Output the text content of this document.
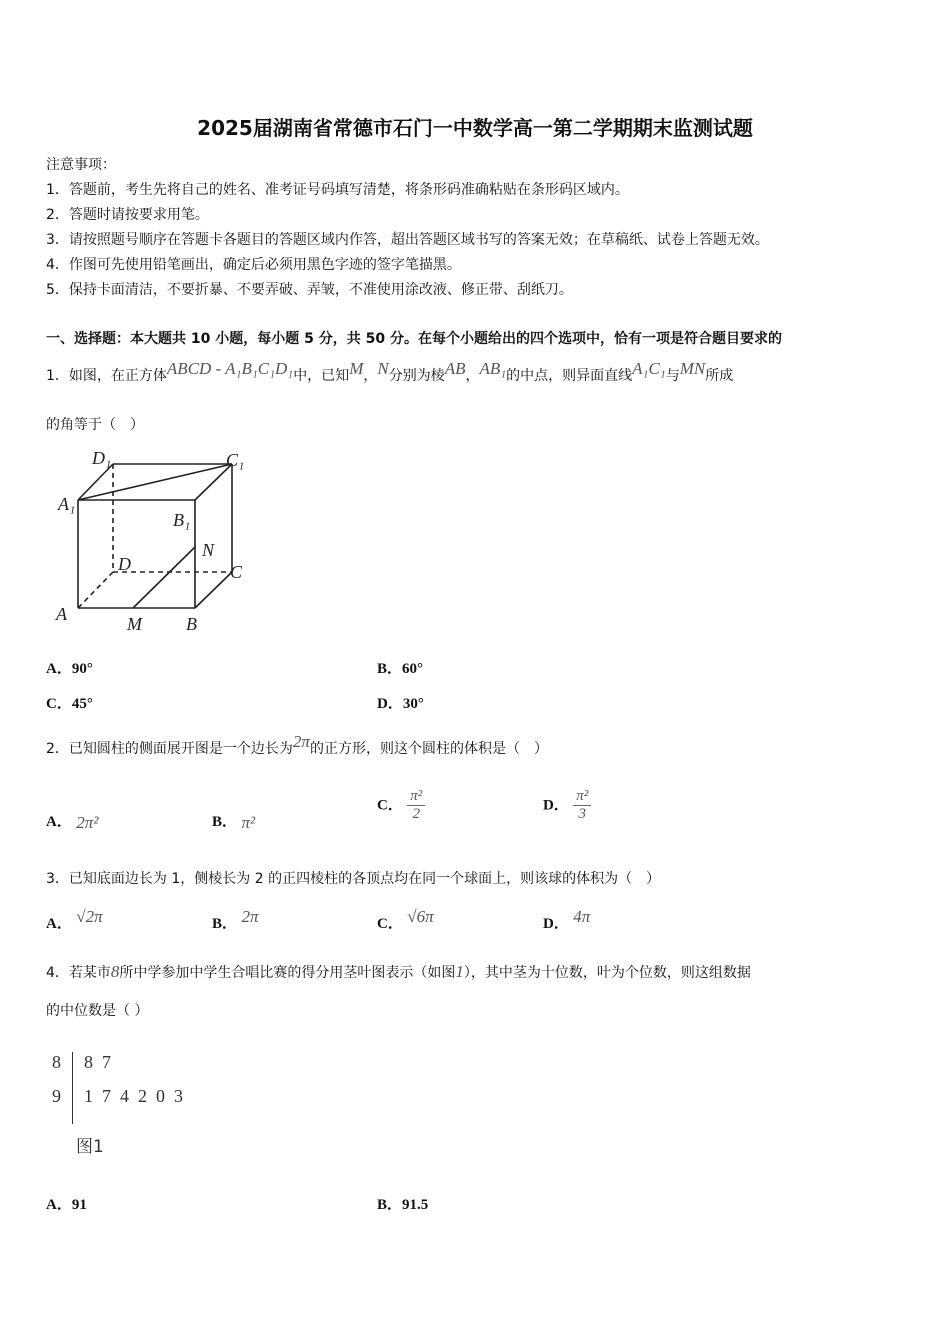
2025届湖南省常德市石门一中数学高一第二学期期末监测试题
注意事项：
1．答题前，考生先将自己的姓名、准考证号码填写清楚，将条形码准确粘贴在条形码区域内。
2．答题时请按要求用笔。
3．请按照题号顺序在答题卡各题目的答题区域内作答，超出答题区域书写的答案无效；在草稿纸、试卷上答题无效。
4．作图可先使用铅笔画出，确定后必须用黑色字迹的签字笔描黑。
5．保持卡面清洁，不要折暴、不要弄破、弄皱，不准使用涂改液、修正带、刮纸刀。
一、选择题：本大题共 10 小题，每小题 5 分，共 50 分。在每个小题给出的四个选项中，恰有一项是符合题目要求的
1．如图，在正方体ABCD - A₁B₁C₁D₁中，已知M，N分别为棱AB，AB₁的中点，则异面直线A₁C₁与MN所成
的角等于（　）
D₁	C₁
A₁
B₁
N
D	C
A	M B
A．90°	B．60°
C．45°	D．30°
2．已知圆柱的侧面展开图是一个边长为2π的正方形，则这个圆柱的体积是（　）
A． 2π²	B． π²
C． $\frac{\text{π²}}{2}$	D． $\frac{\text{π²}}{3}$
3．已知底面边长为 1，侧棱长为 2 的正四棱柱的各顶点均在同一个球面上，则该球的体积为（　）
A． √2π	B． 2π	C． √6π	D． 4π
4．若某市8所中学参加中学生合唱比赛的得分用茎叶图表示（如图1），其中茎为十位数，叶为个位数，则这组数据
的中位数是（ ）
8 8  7
9 1  7  4  2  0  3
图1
A．91	B．91.5
